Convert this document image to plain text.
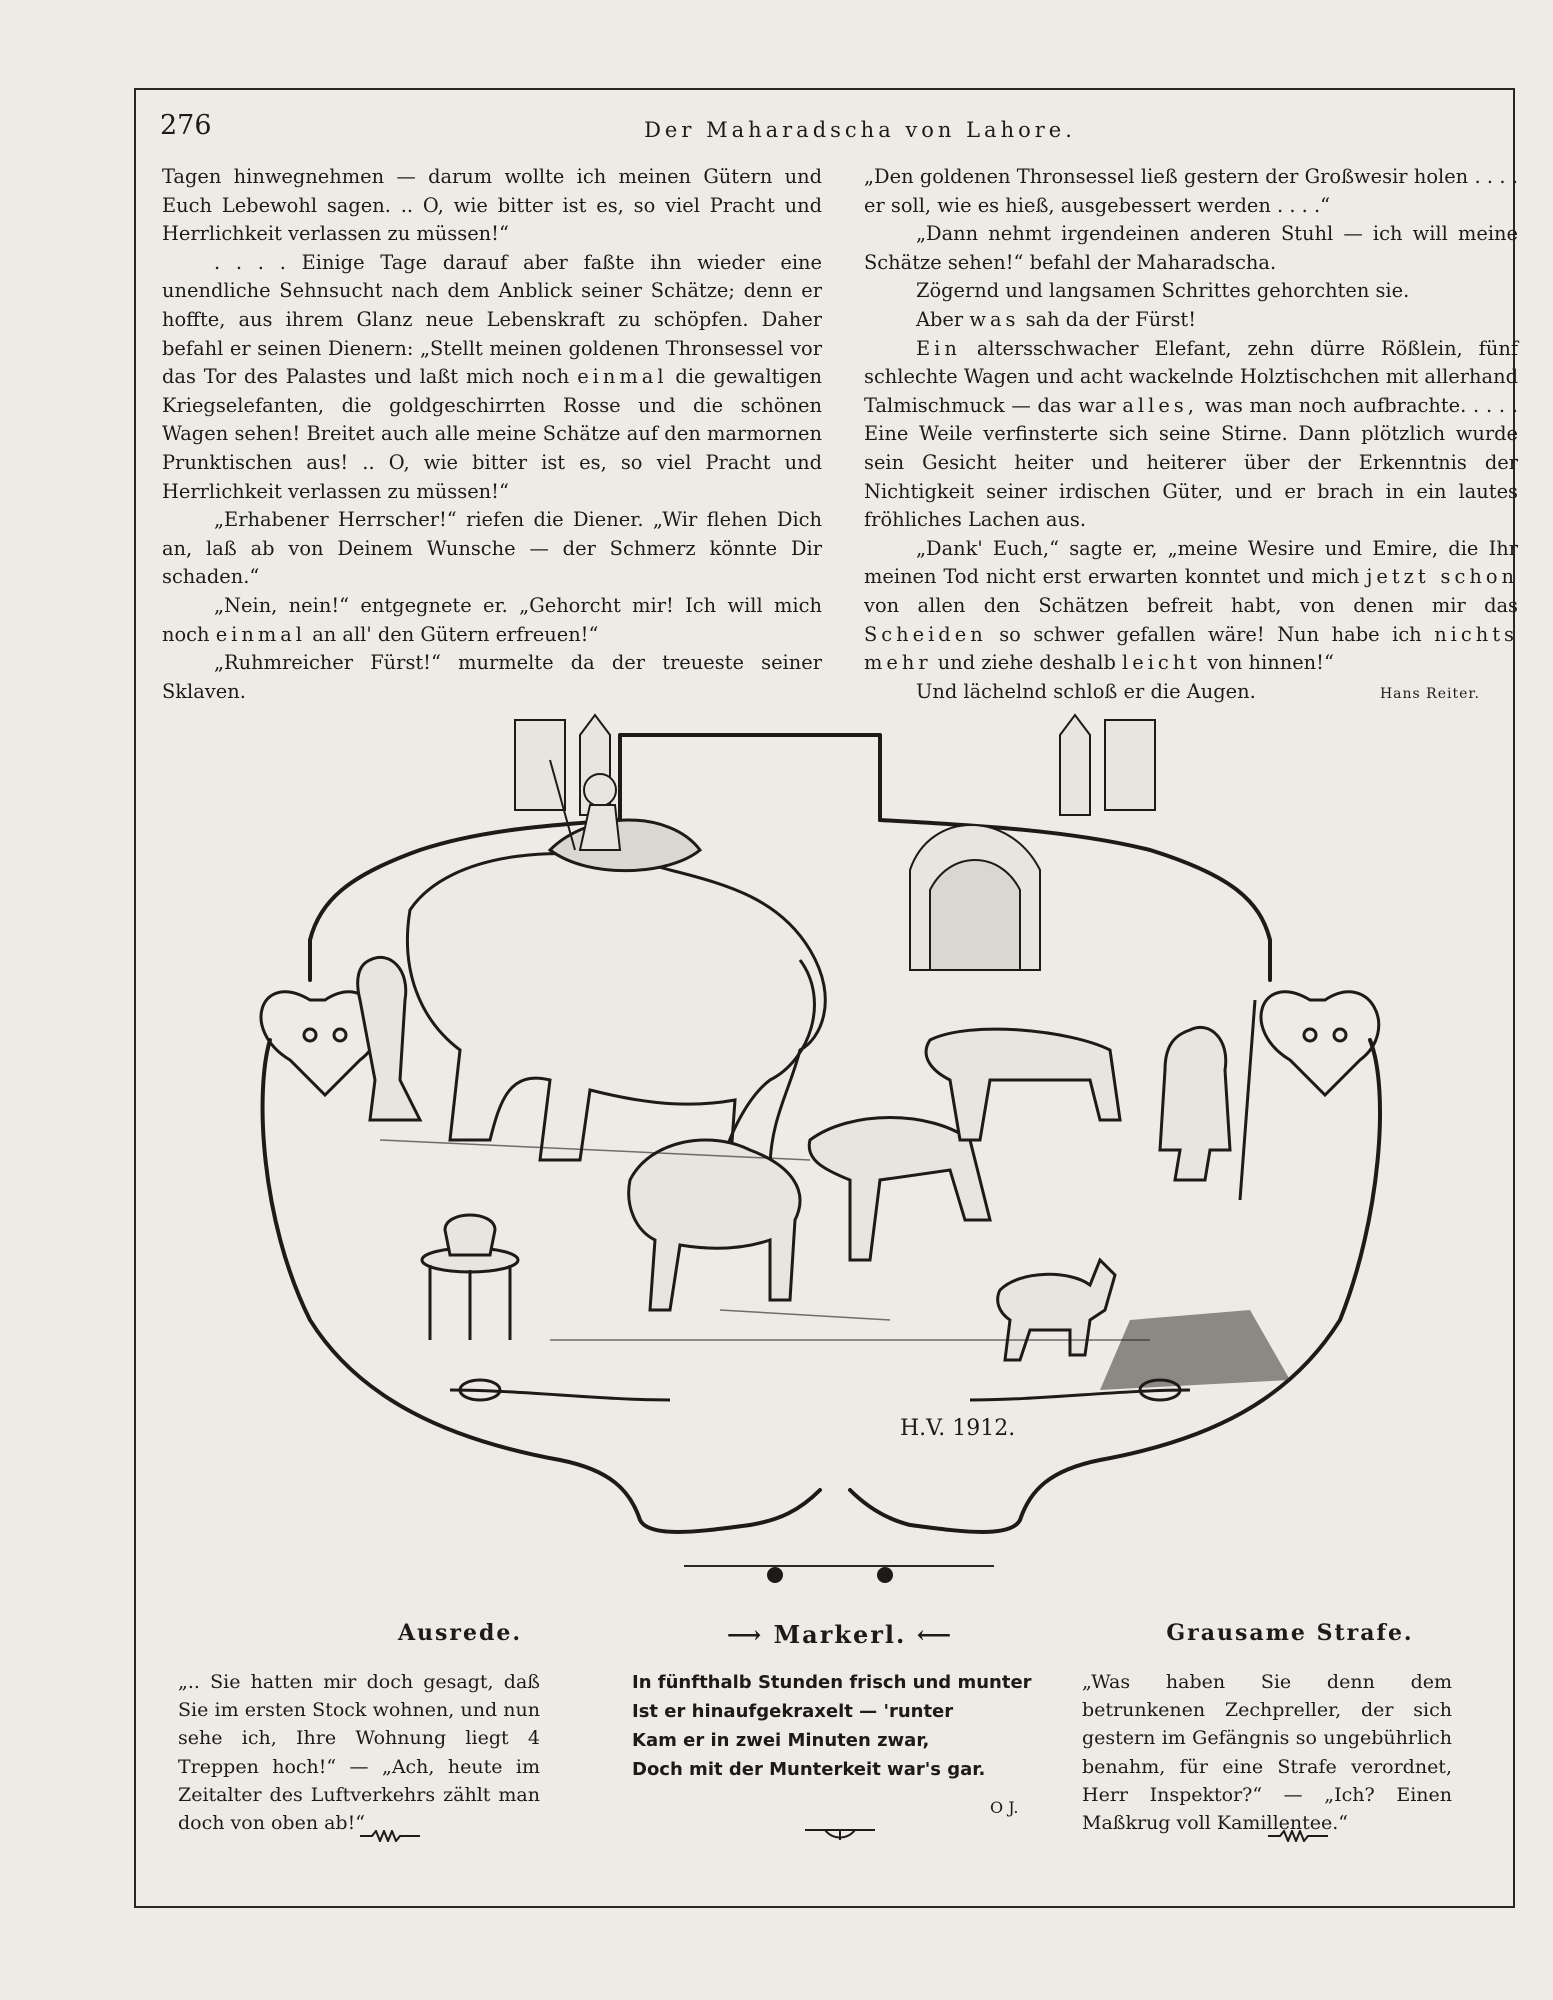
276	Der Maharadscha von Lahore.

Tagen hinwegnehmen — darum wollte ich meinen Gütern und Euch Lebewohl sagen. .. O, wie bitter ist es, so viel Pracht und Herrlichkeit verlassen zu müssen!“

. . . . Einige Tage darauf aber faßte ihn wieder eine unendliche Sehnsucht nach dem Anblick seiner Schätze; denn er hoffte, aus ihrem Glanz neue Lebenskraft zu schöpfen. Daher befahl er seinen Dienern: „Stellt meinen goldenen Thronsessel vor das Tor des Palastes und laßt mich noch einmal die gewaltigen Kriegselefanten, die goldgeschirrten Rosse und die schönen Wagen sehen! Breitet auch alle meine Schätze auf den marmornen Prunktischen aus! .. O, wie bitter ist es, so viel Pracht und Herrlichkeit verlassen zu müssen!“

„Erhabener Herrscher!“ riefen die Diener. „Wir flehen Dich an, laß ab von Deinem Wunsche — der Schmerz könnte Dir schaden.“

„Nein, nein!“ entgegnete er. „Gehorcht mir! Ich will mich noch einmal an all' den Gütern erfreuen!“

„Ruhmreicher Fürst!“ murmelte da der treueste seiner Sklaven.

„Den goldenen Thronsessel ließ gestern der Großwesir holen . . . . er soll, wie es hieß, ausgebessert werden . . . .“

„Dann nehmt irgendeinen anderen Stuhl — ich will meine Schätze sehen!“ befahl der Maharadscha.

Zögernd und langsamen Schrittes gehorchten sie.

Aber was sah da der Fürst!

Ein altersschwacher Elefant, zehn dürre Rößlein, fünf schlechte Wagen und acht wackelnde Holztischchen mit allerhand Talmischmuck — das war alles, was man noch aufbrachte. . . . . Eine Weile verfinsterte sich seine Stirne. Dann plötzlich wurde sein Gesicht heiter und heiterer über der Erkenntnis der Nichtigkeit seiner irdischen Güter, und er brach in ein lautes fröhliches Lachen aus.

„Dank' Euch,“ sagte er, „meine Wesire und Emire, die Ihr meinen Tod nicht erst erwarten konntet und mich jetzt schon von allen den Schätzen befreit habt, von denen mir das Scheiden so schwer gefallen wäre! Nun habe ich nichts mehr und ziehe deshalb leicht von hinnen!“

Und lächelnd schloß er die Augen.	Hans Reiter.

H.V. 1912.
Ausrede.
„.. Sie hatten mir doch gesagt, daß Sie im ersten Stock wohnen, und nun sehe ich, Ihre Wohnung liegt 4 Treppen hoch!“ — „Ach, heute im Zeitalter des Luftverkehrs zählt man doch von oben ab!“
⟶ Markerl. ⟵
In fünfthalb Stunden frisch und munter
Ist er hinaufgekraxelt — 'runter
Kam er in zwei Minuten zwar,
Doch mit der Munterkeit war's gar.
O J.
Grausame Strafe.
„Was haben Sie denn dem betrunkenen Zechpreller, der sich gestern im Gefängnis so ungebührlich benahm, für eine Strafe verordnet, Herr Inspektor?“ — „Ich? Einen Maßkrug voll Kamillentee.“
